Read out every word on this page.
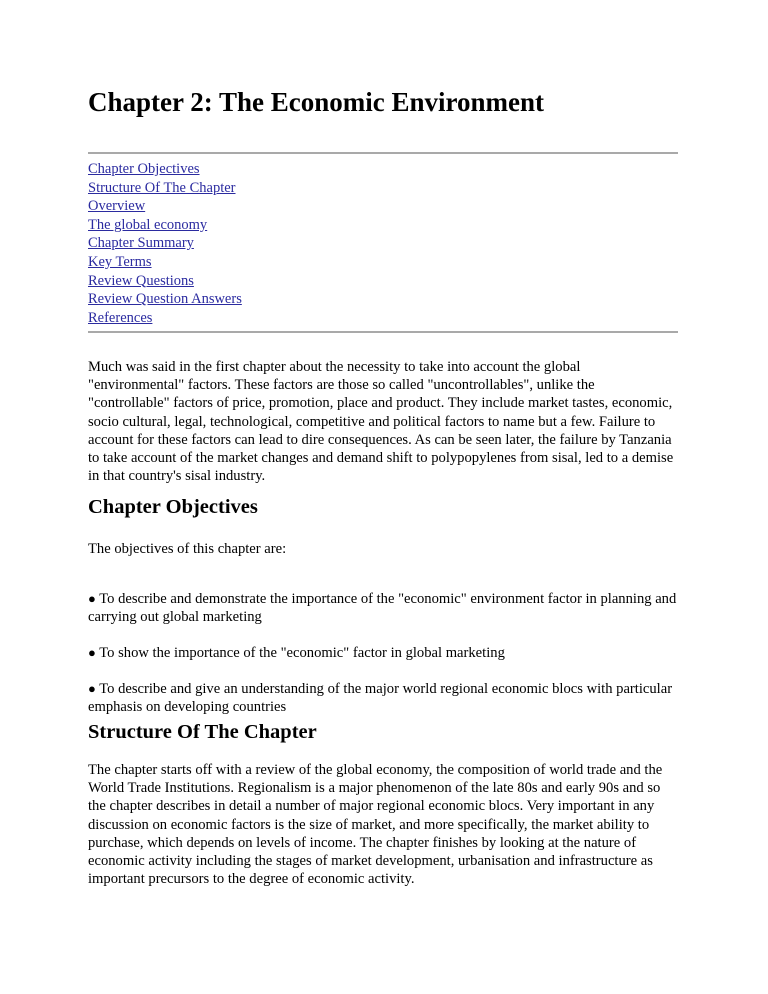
Chapter 2: The Economic Environment
Chapter Objectives
Structure Of The Chapter
Overview
The global economy
Chapter Summary
Key Terms
Review Questions
Review Question Answers
References

Much was said in the first chapter about the necessity to take into account the global "environmental" factors. These factors are those so called "uncontrollables", unlike the "controllable" factors of price, promotion, place and product. They include market tastes, economic, socio cultural, legal, technological, competitive and political factors to name but a few. Failure to account for these factors can lead to dire consequences. As can be seen later, the failure by Tanzania to take account of the market changes and demand shift to polypopylenes from sisal, led to a demise in that country's sisal industry.

Chapter Objectives

The objectives of this chapter are:

● To describe and demonstrate the importance of the "economic" environment factor in planning and carrying out global marketing

● To show the importance of the "economic" factor in global marketing

● To describe and give an understanding of the major world regional economic blocs with particular emphasis on developing countries

Structure Of The Chapter

The chapter starts off with a review of the global economy, the composition of world trade and the World Trade Institutions. Regionalism is a major phenomenon of the late 80s and early 90s and so the chapter describes in detail a number of major regional economic blocs. Very important in any discussion on economic factors is the size of market, and more specifically, the market ability to purchase, which depends on levels of income. The chapter finishes by looking at the nature of economic activity including the stages of market development, urbanisation and infrastructure as important precursors to the degree of economic activity.
